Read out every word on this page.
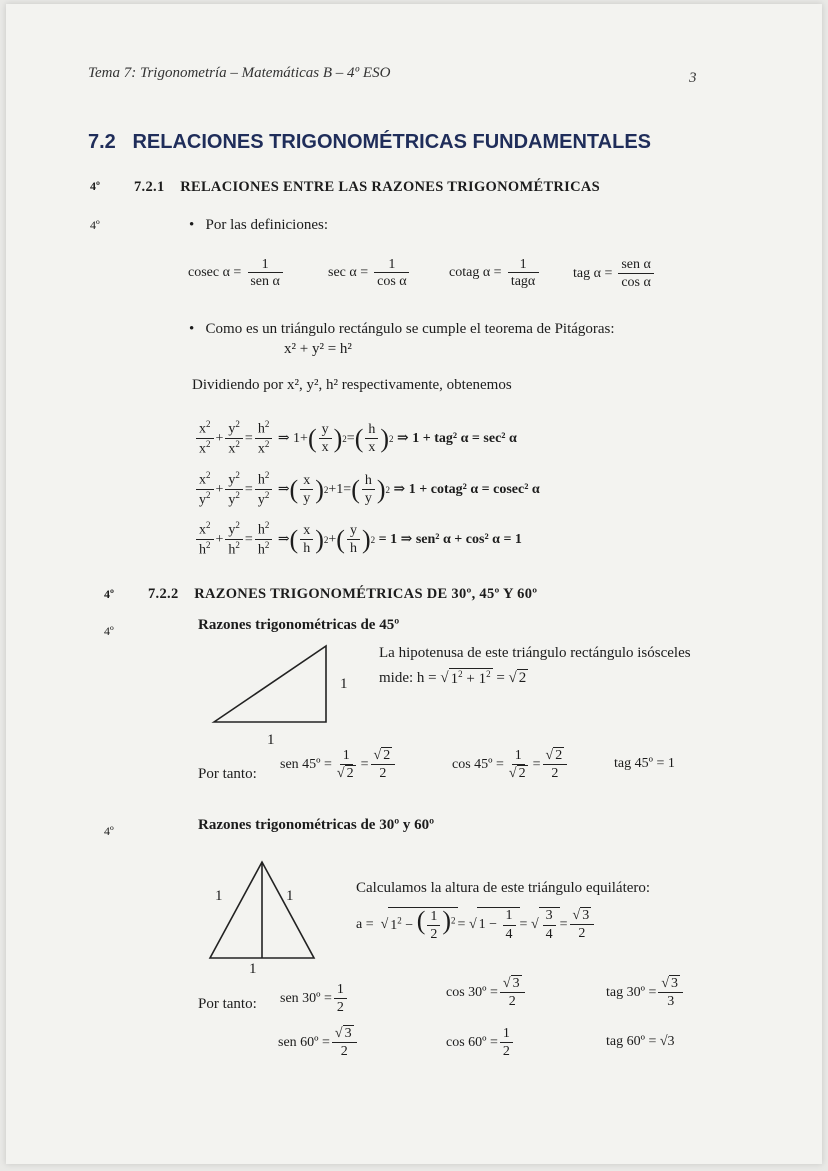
Tema 7: Trigonometría – Matemáticas B – 4º ESO	3
7.2 RELACIONES TRIGONOMÉTRICAS FUNDAMENTALES
4º 7.2.1 RELACIONES ENTRE LAS RAZONES TRIGONOMÉTRICAS
4º	• Por las definiciones:
cosec $\alpha = \frac{1}{\text{sen α}}$	$\sec \alpha = \frac{1}{\text{cos α}}$	cotag $\alpha = \frac{1}{\text{tagα}}$ tag $\alpha = \frac{\text{sen α}}{\text{cos α}}$
• Como es un triángulo rectángulo se cumple el teorema de Pitágoras:
x² + y² = h²
Dividiendo por x², y², h² respectivamente, obtenemos
$\frac{x^2}{x^2} + \frac{y^2}{x^2} = \frac{h^2}{x^2}$ ⇒ 1+ ( $\frac{y}{x}$ ) 2 = ( $\frac{h}{x}$ ) 2
⇒ 1 + tag² α = sec² α
$\frac{x^2}{y^2} + \frac{y^2}{y^2} = \frac{h^2}{y^2}$ ⇒ ( $\frac{x}{y}$ ) 2 +1= ( $\frac{h}{y}$ ) 2
⇒ 1 + cotag² α = cosec² α
$\frac{x^2}{h^2} + \frac{y^2}{h^2} = \frac{h^2}{h^2}$ ⇒ ( $\frac{x}{h}$ ) 2 + ( $\frac{y}{h}$ ) 2
= 1 ⇒ sen² α + cos² α = 1
4º 7.2.2 RAZONES TRIGONOMÉTRICAS DE 30º, 45º Y 60º
4º	Razones trigonométricas de 45º
1
1
La hipotenusa de este triángulo rectángulo isósceles
mide: h = √ $1^2 + 1^2$ = √ 2
Por tanto:
sen 45º = $\frac{1}{√ 2} = \frac{√ 2}{2}$	cos 45º = $\frac{1}{√ 2} = \frac{√ 2}{2}$	tag 45º = 1
4º	Razones trigonométricas de 30º y 60º
1	1
1
Calculamos la altura de este triángulo equilátero:
a = √ $1^2$ − ( $\frac{1}{2} )^2$ = √ $1 - \frac{1}{4}$ = √ $\frac{3}{4} = \frac{√ 3}{2}$
Por tanto: sen 30º = $\frac{1}{2}$	cos 30º = $\frac{√ 3}{2}$	tag 30º = $\frac{√ 3}{3}$
sen 60º = $\frac{√ 3}{2}$	cos 60º = $\frac{1}{2}$	tag 60º = √3
